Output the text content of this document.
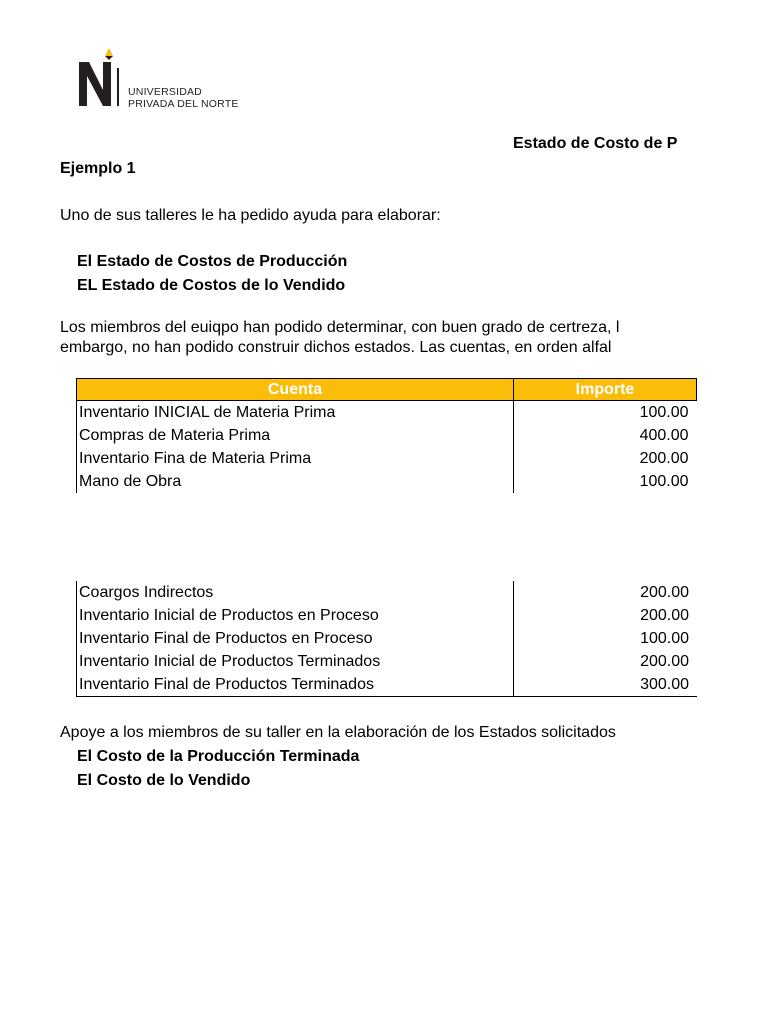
UNIVERSIDAD
PRIVADA DEL NORTE
Estado de Costo de P
Ejemplo 1
Uno de sus talleres le ha pedido ayuda para elaborar:
El Estado de Costos de Producción
EL Estado de Costos de lo Vendido
Los miembros del euiqpo han podido determinar, con buen grado de certreza, l
embargo, no han podido construir dichos estados. Las cuentas, en orden alfal
Cuenta	Importe
Inventario INICIAL de Materia Prima	100.00
Compras de Materia Prima	400.00
Inventario Fina de Materia Prima	200.00
Mano de Obra	100.00
Coargos Indirectos	200.00
Inventario Inicial de Productos en Proceso	200.00
Inventario Final de Productos en Proceso	100.00
Inventario Inicial de Productos Terminados	200.00
Inventario Final de Productos Terminados	300.00
Apoye a los miembros de su taller en la elaboración de los Estados solicitados
El Costo de la Producción Terminada
El Costo de lo Vendido
